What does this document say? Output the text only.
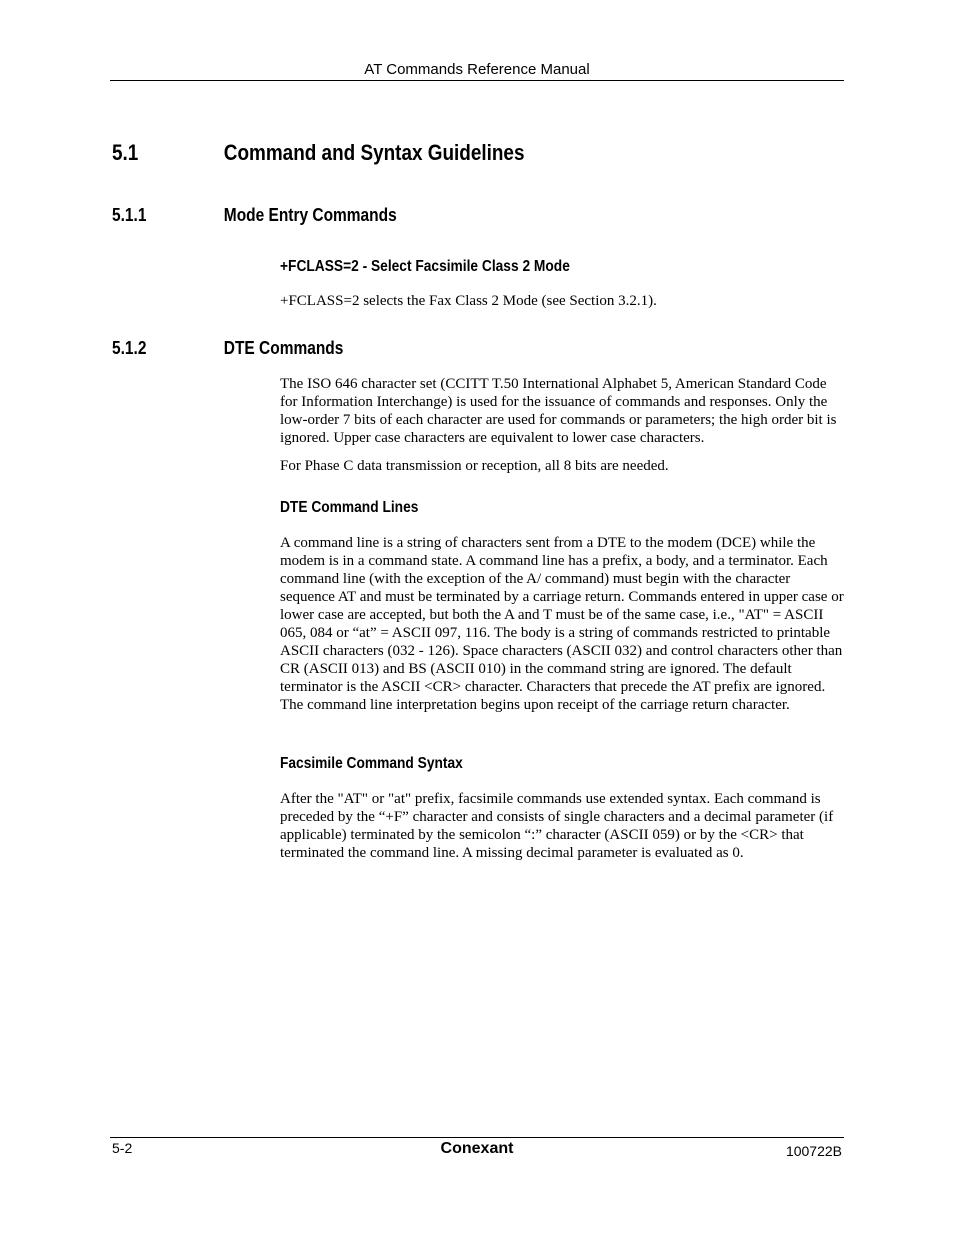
AT Commands Reference Manual
5.1	Command and Syntax Guidelines
5.1.1	Mode Entry Commands
+FCLASS=2 - Select Facsimile Class 2 Mode

+FCLASS=2 selects the Fax Class 2 Mode (see Section 3.2.1).

5.1.2	DTE Commands

The ISO 646 character set (CCITT T.50 International Alphabet 5, American Standard Code for Information Interchange) is used for the issuance of commands and responses. Only the low-order 7 bits of each character are used for commands or parameters; the high order bit is ignored. Upper case characters are equivalent to lower case characters.

For Phase C data transmission or reception, all 8 bits are needed.

DTE Command Lines

A command line is a string of characters sent from a DTE to the modem (DCE) while the modem is in a command state. A command line has a prefix, a body, and a terminator. Each command line (with the exception of the A/ command) must begin with the character sequence AT and must be terminated by a carriage return. Commands entered in upper case or lower case are accepted, but both the A and T must be of the same case, i.e., "AT" = ASCII 065, 084 or “at” = ASCII 097, 116. The body is a string of commands restricted to printable ASCII characters (032 - 126). Space characters (ASCII 032) and control characters other than CR (ASCII 013) and BS (ASCII 010) in the command string are ignored. The default terminator is the ASCII <CR> character. Characters that precede the AT prefix are ignored. The command line interpretation begins upon receipt of the carriage return character.

Facsimile Command Syntax

After the "AT" or "at" prefix, facsimile commands use extended syntax. Each command is preceded by the “+F” character and consists of single characters and a decimal parameter (if applicable) terminated by the semicolon “:” character (ASCII 059) or by the <CR> that terminated the command line. A missing decimal parameter is evaluated as 0.

5-2	Conexant	100722B
